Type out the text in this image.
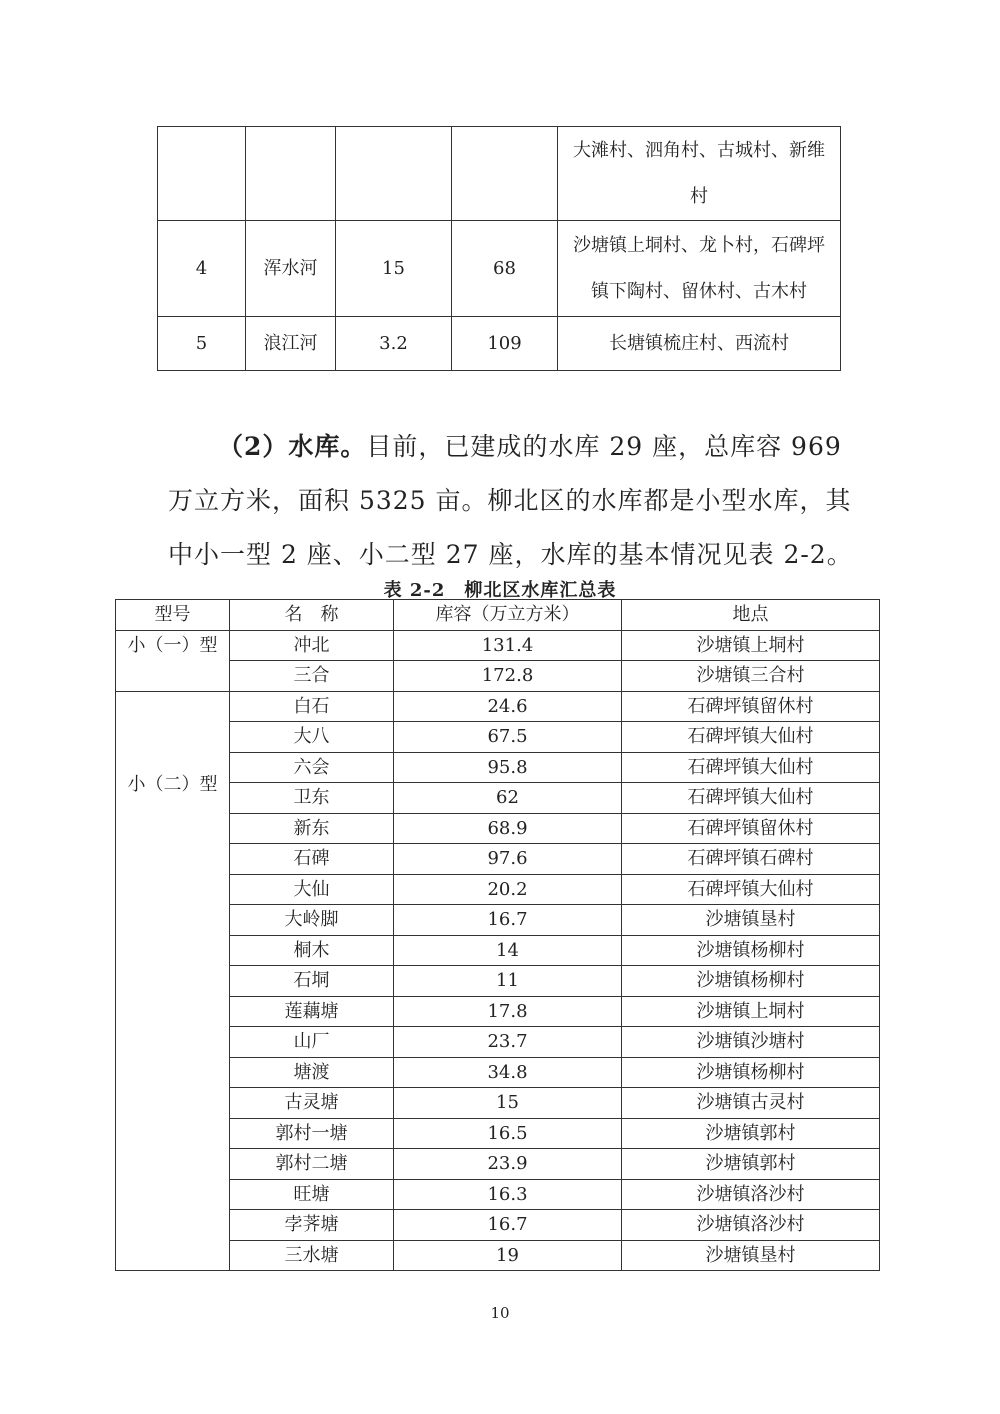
				大滩村、泗角村、古城村、新维村
4	浑水河	15	68	沙塘镇上垌村、龙卜村，石碑坪镇下陶村、留休村、古木村
5	浪江河	3.2	109	长塘镇梳庄村、西流村

（2）水库。目前，已建成的水库 29 座，总库容 969 万立方米，面积 5325 亩。柳北区的水库都是小型水库，其中小一型 2 座、小二型 27 座，水库的基本情况见表 2-2。

表 2-2　柳北区水库汇总表
型号	名　称	库容（万立方米）	地点
小（一）型	冲北	131.4	沙塘镇上垌村
	三合	172.8	沙塘镇三合村
小（二）型	白石	24.6	石碑坪镇留休村
	大八	67.5	石碑坪镇大仙村
	六会	95.8	石碑坪镇大仙村
	卫东	62	石碑坪镇大仙村
	新东	68.9	石碑坪镇留休村
	石碑	97.6	石碑坪镇石碑村
	大仙	20.2	石碑坪镇大仙村
	大岭脚	16.7	沙塘镇垦村
	桐木	14	沙塘镇杨柳村
	石垌	11	沙塘镇杨柳村
	莲藕塘	17.8	沙塘镇上垌村
	山厂	23.7	沙塘镇沙塘村
	塘渡	34.8	沙塘镇杨柳村
	古灵塘	15	沙塘镇古灵村
	郭村一塘	16.5	沙塘镇郭村
	郭村二塘	23.9	沙塘镇郭村
	旺塘	16.3	沙塘镇洛沙村
	孛荠塘	16.7	沙塘镇洛沙村
	三水塘	19	沙塘镇垦村
10
